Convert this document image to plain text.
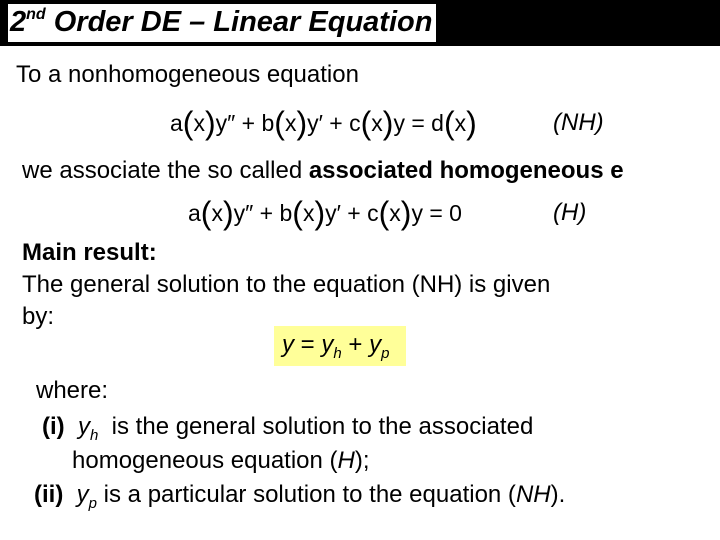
2nd Order DE – Linear Equation
To a nonhomogeneous equation
a(x)y″ + b(x)y′ + c(x)y = d(x)	(NH)
we associate the so called associated homogeneous e
a(x)y″ + b(x)y′ + c(x)y = 0	(H)
Main result:
The general solution to the equation (NH) is given
by:
$y = y_h + y_p$
where:
(i) $y_h$  is the general solution to the associated
homogeneous equation (H);
(ii) $y_p$ is a particular solution to the equation (NH).
